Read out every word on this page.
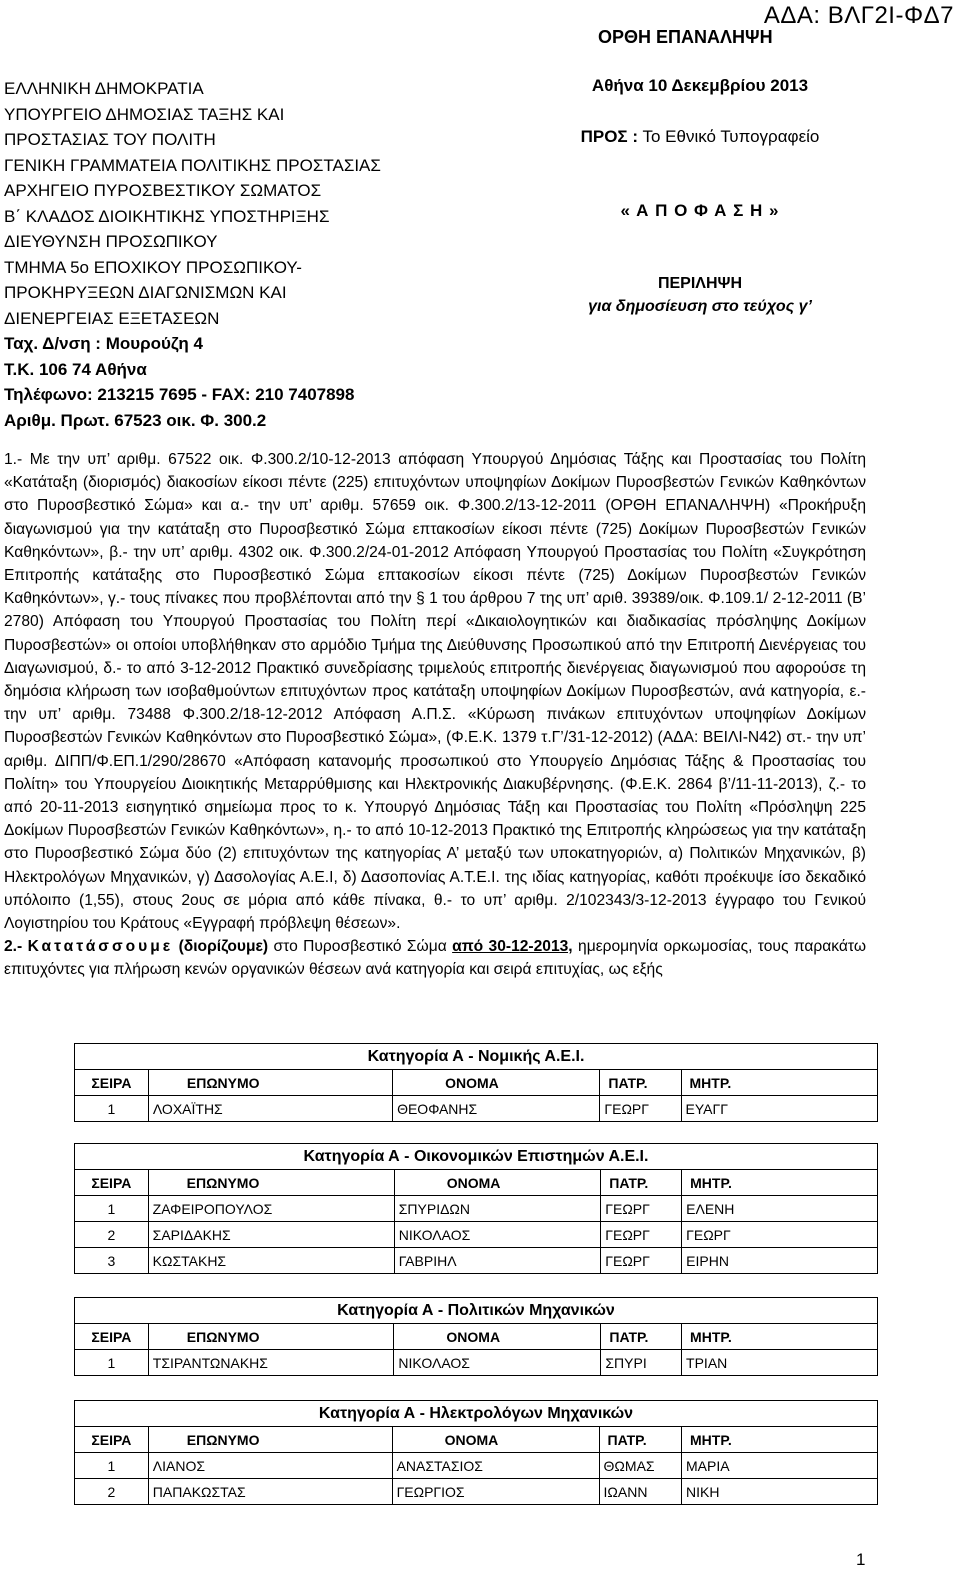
ΑΔΑ: ΒΛΓ2Ι-ΦΔ7
ΟΡΘΗ ΕΠΑΝΑΛΗΨΗ
ΕΛΛΗΝΙΚΗ ΔΗΜΟΚΡΑΤΙΑ
ΥΠΟΥΡΓΕΙΟ ΔΗΜΟΣΙΑΣ ΤΑΞΗΣ ΚΑΙ
ΠΡΟΣΤΑΣΙΑΣ ΤΟΥ ΠΟΛΙΤΗ
ΓΕΝΙΚΗ ΓΡΑΜΜΑΤΕΙΑ ΠΟΛΙΤΙΚΗΣ ΠΡΟΣΤΑΣΙΑΣ
ΑΡΧΗΓΕΙΟ ΠΥΡΟΣΒΕΣΤΙΚΟΥ ΣΩΜΑΤΟΣ
Β΄ ΚΛΑΔΟΣ ΔΙΟΙΚΗΤΙΚΗΣ ΥΠΟΣΤΗΡΙΞΗΣ
ΔΙΕΥΘΥΝΣΗ ΠΡΟΣΩΠΙΚΟΥ
ΤΜΗΜΑ 5ο ΕΠΟΧΙΚΟΥ ΠΡΟΣΩΠΙΚΟΥ-
ΠΡΟΚΗΡΥΞΕΩΝ ΔΙΑΓΩΝΙΣΜΩΝ ΚΑΙ
ΔΙΕΝΕΡΓΕΙΑΣ ΕΞΕΤΑΣΕΩΝ
Ταχ. Δ/νση : Μουρούζη 4
Τ.Κ. 106 74 Αθήνα
Τηλέφωνο: 213215 7695 - FAX: 210 7407898
Αριθμ. Πρωτ. 67523 οικ. Φ. 300.2
Αθήνα 10 Δεκεμβρίου 2013
ΠΡΟΣ : Το Εθνικό Τυπογραφείο
« Α Π Ο Φ Α Σ Η »
ΠΕΡΙΛΗΨΗ
για δημοσίευση στο τεύχος γ’

1.- Με την υπ’ αριθμ. 67522 οικ. Φ.300.2/10-12-2013 απόφαση Υπουργού Δημόσιας Τάξης και Προστασίας του Πολίτη «Κατάταξη (διορισμός) διακοσίων είκοσι πέντε (225) επιτυχόντων υποψηφίων Δοκίμων Πυροσβεστών Γενικών Καθηκόντων στο Πυροσβεστικό Σώμα» και α.- την υπ’ αριθμ. 57659 οικ. Φ.300.2/13-12-2011 (ΟΡΘΗ ΕΠΑΝΑΛΗΨΗ) «Προκήρυξη διαγωνισμού για την κατάταξη στο Πυροσβεστικό Σώμα επτακοσίων είκοσι πέντε (725) Δοκίμων Πυροσβεστών Γενικών Καθηκόντων», β.- την υπ’ αριθμ. 4302 οικ. Φ.300.2/24-01-2012 Απόφαση Υπουργού Προστασίας του Πολίτη «Συγκρότηση Επιτροπής κατάταξης στο Πυροσβεστικό Σώμα επτακοσίων είκοσι πέντε (725) Δοκίμων Πυροσβεστών Γενικών Καθηκόντων», γ.- τους πίνακες που προβλέπονται από την § 1 του άρθρου 7 της υπ’ αριθ. 39389/οικ. Φ.109.1/ 2-12-2011 (Β’ 2780) Απόφαση του Υπουργού Προστασίας του Πολίτη περί «Δικαιολογητικών και διαδικασίας πρόσληψης Δοκίμων Πυροσβεστών» οι οποίοι υποβλήθηκαν στο αρμόδιο Τμήμα της Διεύθυνσης Προσωπικού από την Επιτροπή Διενέργειας του Διαγωνισμού, δ.- το από 3-12-2012 Πρακτικό συνεδρίασης τριμελούς επιτροπής διενέργειας διαγωνισμού που αφορούσε τη δημόσια κλήρωση των ισοβαθμούντων επιτυχόντων προς κατάταξη υποψηφίων Δοκίμων Πυροσβεστών, ανά κατηγορία, ε.- την υπ’ αριθμ. 73488 Φ.300.2/18-12-2012 Απόφαση Α.Π.Σ. «Κύρωση πινάκων επιτυχόντων υποψηφίων Δοκίμων Πυροσβεστών Γενικών Καθηκόντων στο Πυροσβεστικό Σώμα», (Φ.Ε.Κ. 1379 τ.Γ’/31-12-2012) (ΑΔΑ: ΒΕΙΛΙ-Ν42) στ.- την υπ’ αριθμ. ΔΙΠΠ/Φ.ΕΠ.1/290/28670 «Απόφαση κατανομής προσωπικού στο Υπουργείο Δημόσιας Τάξης & Προστασίας του Πολίτη» του Υπουργείου Διοικητικής Μεταρρύθμισης και Ηλεκτρονικής Διακυβέρνησης. (Φ.Ε.Κ. 2864 β’/11-11-2013), ζ.- το από 20-11-2013 εισηγητικό σημείωμα προς το κ. Υπουργό Δημόσιας Τάξη και Προστασίας του Πολίτη «Πρόσληψη 225 Δοκίμων Πυροσβεστών Γενικών Καθηκόντων», η.- το από 10-12-2013 Πρακτικό της Επιτροπής κληρώσεως για την κατάταξη στο Πυροσβεστικό Σώμα δύο (2) επιτυχόντων της κατηγορίας Α’ μεταξύ των υποκατηγοριών, α) Πολιτικών Μηχανικών, β) Ηλεκτρολόγων Μηχανικών, γ) Δασολογίας Α.Ε.Ι, δ) Δασοπονίας Α.Τ.Ε.Ι. της ιδίας κατηγορίας, καθότι προέκυψε ίσο δεκαδικό υπόλοιπο (1,55), στους 2ους σε μόρια από κάθε πίνακα, θ.- το υπ’ αριθμ. 2/102343/3-12-2013 έγγραφο του Γενικού Λογιστηρίου του Κράτους «Εγγραφή πρόβλεψη θέσεων».

2.- Κατατάσσουμε (διορίζουμε) στο Πυροσβεστικό Σώμα από 30-12-2013, ημερομηνία ορκωμοσίας, τους παρακάτω επιτυχόντες για πλήρωση κενών οργανικών θέσεων ανά κατηγορία και σειρά επιτυχίας, ως εξής

Κατηγορία Α - Νομικής Α.Ε.Ι.				
ΣΕΙΡΑ	ΕΠΩΝΥΜΟ	ΟΝΟΜΑ	ΠΑΤΡ.	ΜΗΤΡ.
1	ΛΟΧΑΪΤΗΣ	ΘΕΟΦΑΝΗΣ	ΓΕΩΡΓ	ΕΥΑΓΓ
Κατηγορία Α - Οικονομικών Επιστημών Α.Ε.Ι.				
ΣΕΙΡΑ	ΕΠΩΝΥΜΟ	ΟΝΟΜΑ	ΠΑΤΡ.	ΜΗΤΡ.
1	ΖΑΦΕΙΡΟΠΟΥΛΟΣ	ΣΠΥΡΙΔΩΝ	ΓΕΩΡΓ	ΕΛΕΝΗ
2	ΣΑΡΙΔΑΚΗΣ	ΝΙΚΟΛΑΟΣ	ΓΕΩΡΓ	ΓΕΩΡΓ
3	ΚΩΣΤΑΚΗΣ	ΓΑΒΡΙΗΛ	ΓΕΩΡΓ	ΕΙΡΗΝ
Κατηγορία Α - Πολιτικών Μηχανικών				
ΣΕΙΡΑ	ΕΠΩΝΥΜΟ	ΟΝΟΜΑ	ΠΑΤΡ.	ΜΗΤΡ.
1	ΤΣΙΡΑΝΤΩΝΑΚΗΣ	ΝΙΚΟΛΑΟΣ	ΣΠΥΡΙ	ΤΡΙΑΝ
Κατηγορία Α - Ηλεκτρολόγων Μηχανικών				
ΣΕΙΡΑ	ΕΠΩΝΥΜΟ	ΟΝΟΜΑ	ΠΑΤΡ.	ΜΗΤΡ.
1	ΛΙΑΝΟΣ	ΑΝΑΣΤΑΣΙΟΣ	ΘΩΜΑΣ	ΜΑΡΙΑ
2	ΠΑΠΑΚΩΣΤΑΣ	ΓΕΩΡΓΙΟΣ	ΙΩΑΝΝ	ΝΙΚΗ
1
